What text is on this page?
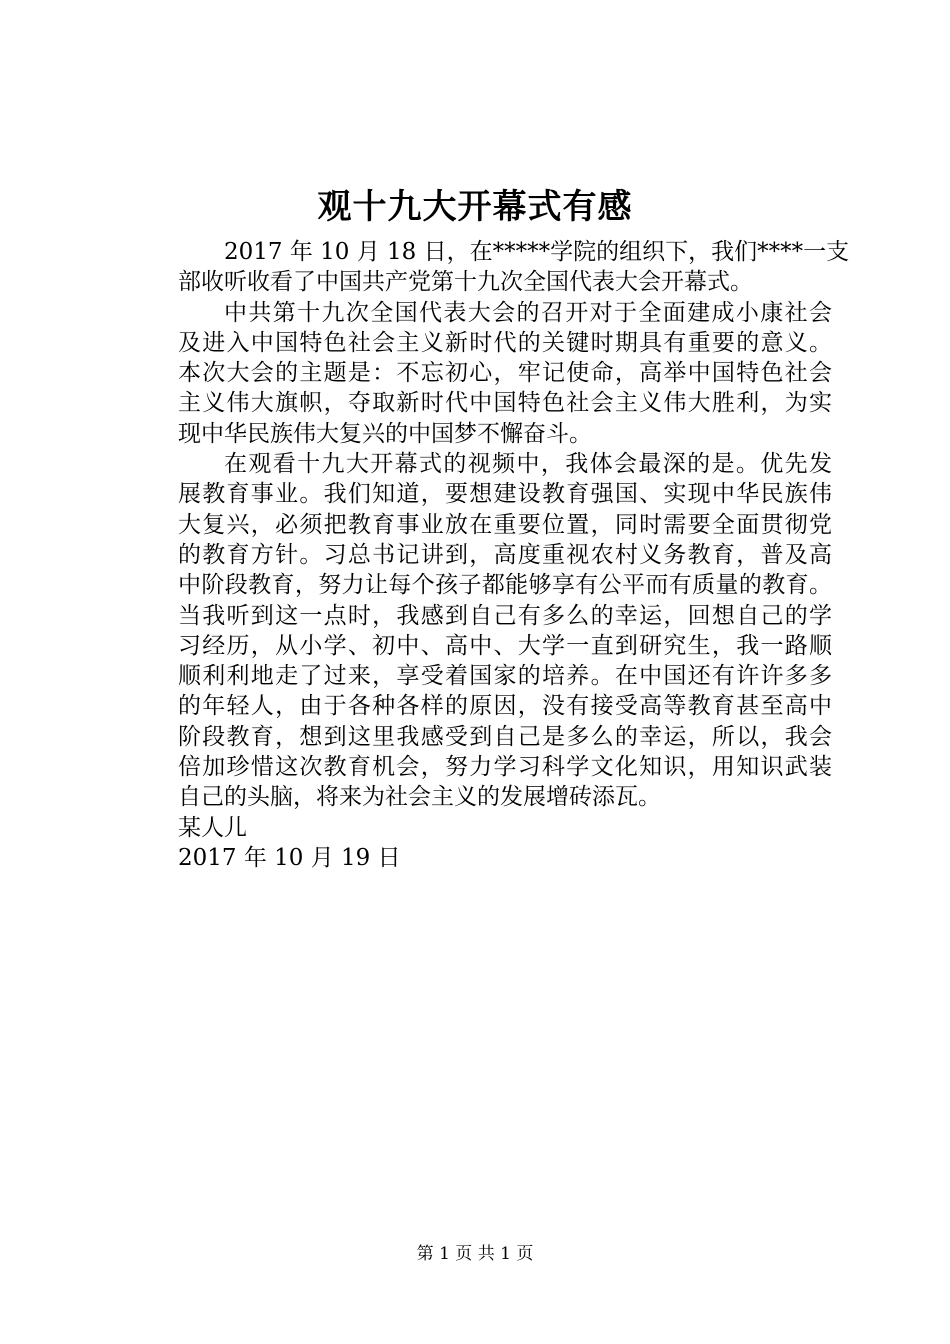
观十九大开幕式有感
2017 年 10 月 18 日，在*****学院的组织下，我们****一支
部收听收看了中国共产党第十九次全国代表大会开幕式。
中共第十九次全国代表大会的召开对于全面建成小康社会
及进入中国特色社会主义新时代的关键时期具有重要的意义。
本次大会的主题是：不忘初心，牢记使命，高举中国特色社会
主义伟大旗帜，夺取新时代中国特色社会主义伟大胜利，为实
现中华民族伟大复兴的中国梦不懈奋斗。
在观看十九大开幕式的视频中，我体会最深的是。优先发
展教育事业。我们知道，要想建设教育强国、实现中华民族伟
大复兴，必须把教育事业放在重要位置，同时需要全面贯彻党
的教育方针。习总书记讲到，高度重视农村义务教育，普及高
中阶段教育，努力让每个孩子都能够享有公平而有质量的教育。
当我听到这一点时，我感到自己有多么的幸运，回想自己的学
习经历，从小学、初中、高中、大学一直到研究生，我一路顺
顺利利地走了过来，享受着国家的培养。在中国还有许许多多
的年轻人，由于各种各样的原因，没有接受高等教育甚至高中
阶段教育，想到这里我感受到自己是多么的幸运，所以，我会
倍加珍惜这次教育机会，努力学习科学文化知识，用知识武装
自己的头脑，将来为社会主义的发展增砖添瓦。

某人儿

2017 年 10 月 19 日

第 1 页 共 1 页
